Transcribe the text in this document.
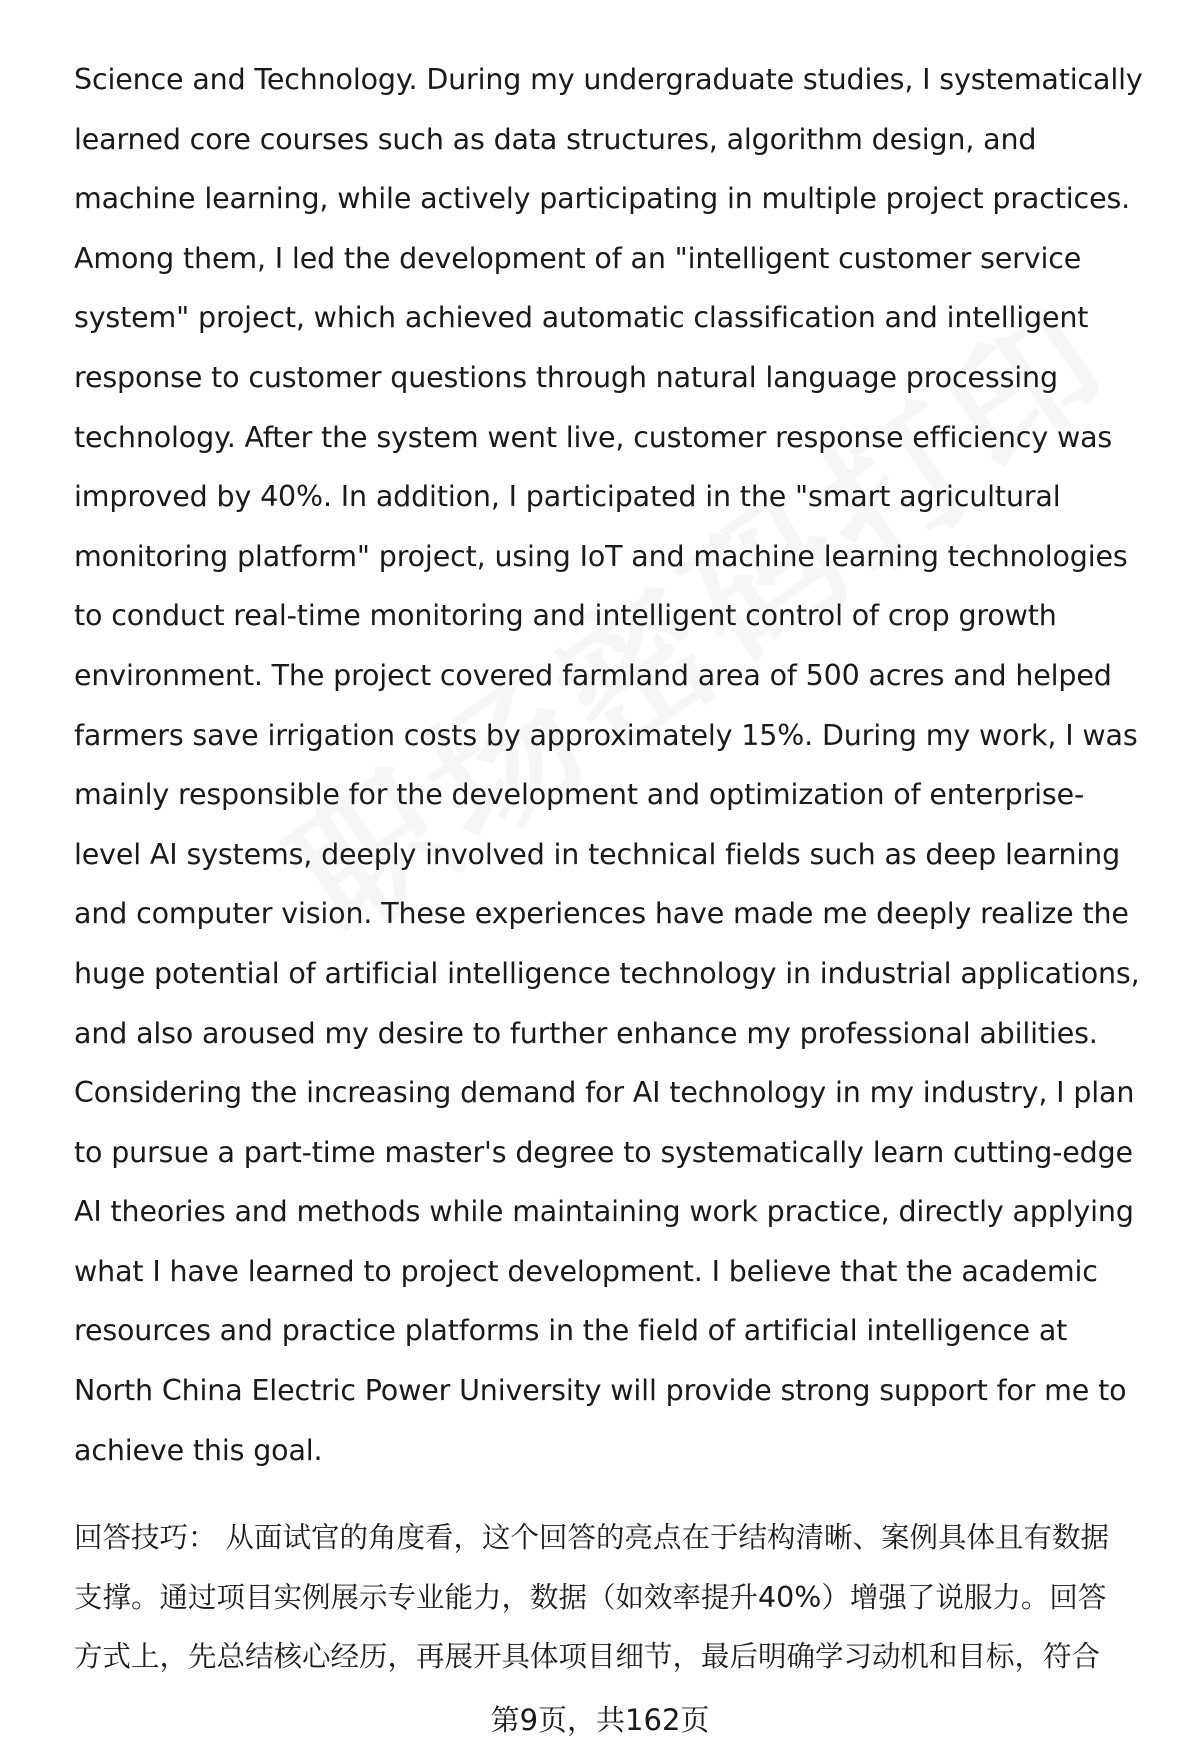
Science and Technology. During my undergraduate studies, I systematically
learned core courses such as data structures, algorithm design, and
machine learning, while actively participating in multiple project practices.
Among them, I led the development of an "intelligent customer service
system" project, which achieved automatic classification and intelligent
response to customer questions through natural language processing
technology. After the system went live, customer response efficiency was
improved by 40%. In addition, I participated in the "smart agricultural
monitoring platform" project, using IoT and machine learning technologies
to conduct real-time monitoring and intelligent control of crop growth
environment. The project covered farmland area of 500 acres and helped
farmers save irrigation costs by approximately 15%. During my work, I was
mainly responsible for the development and optimization of enterprise-
level AI systems, deeply involved in technical fields such as deep learning
and computer vision. These experiences have made me deeply realize the
huge potential of artificial intelligence technology in industrial applications,
and also aroused my desire to further enhance my professional abilities.
Considering the increasing demand for AI technology in my industry, I plan
to pursue a part-time master's degree to systematically learn cutting-edge
AI theories and methods while maintaining work practice, directly applying
what I have learned to project development. I believe that the academic
resources and practice platforms in the field of artificial intelligence at
North China Electric Power University will provide strong support for me to
achieve this goal.
回答技巧： 从面试官的角度看，这个回答的亮点在于结构清晰、案例具体且有数据
支撑。通过项目实例展示专业能力，数据（如效率提升40%）增强了说服力。回答
方式上，先总结核心经历，再展开具体项目细节，最后明确学习动机和目标，符合
第9页，共162页
